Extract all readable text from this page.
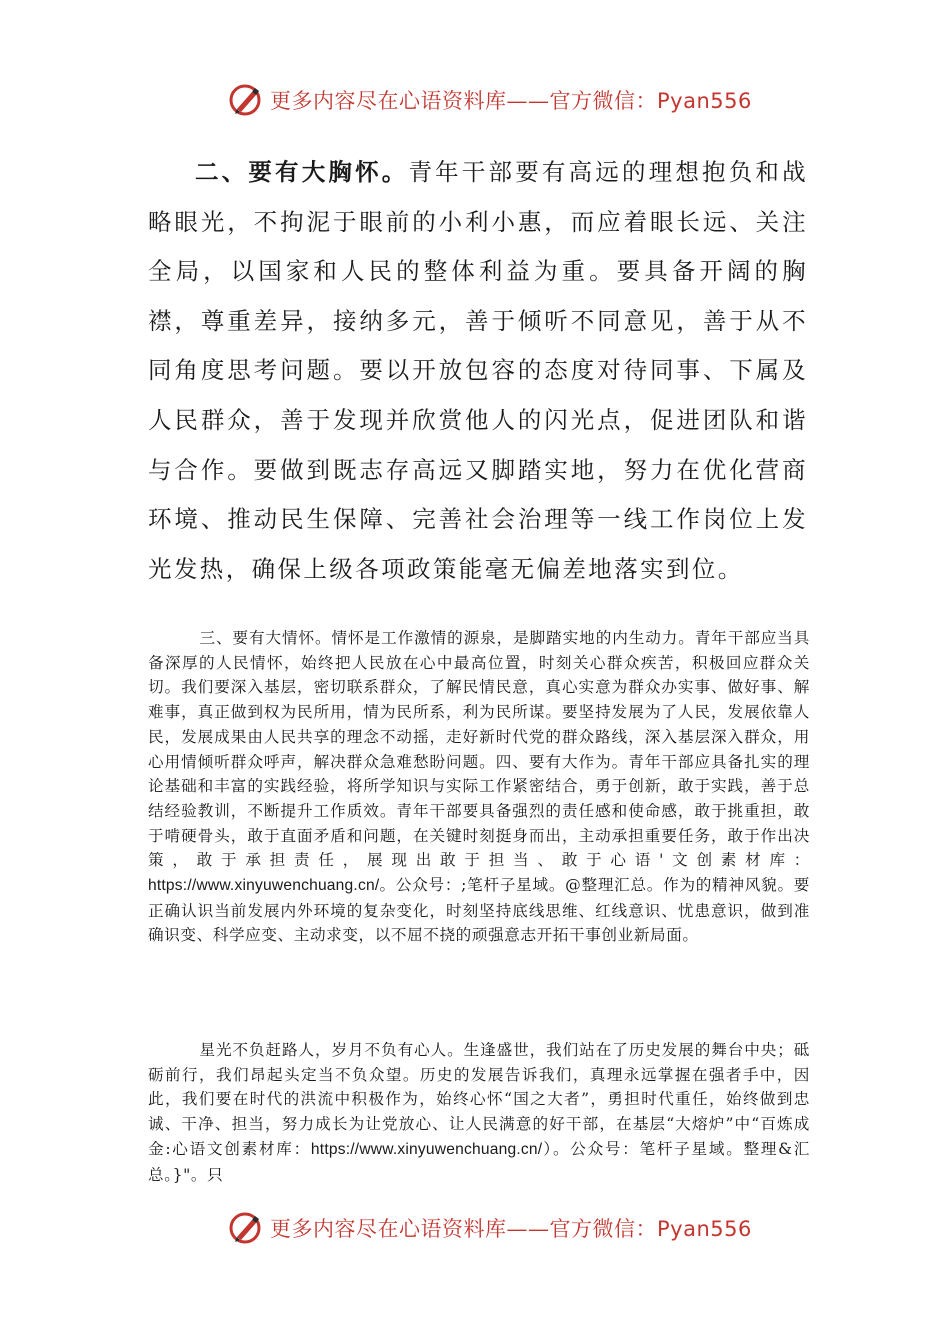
更多内容尽在心语资料库——官方微信：Pyan556

二、要有大胸怀。青年干部要有高远的理想抱负和战略眼光，不拘泥于眼前的小利小惠，而应着眼长远、关注全局，以国家和人民的整体利益为重。要具备开阔的胸襟，尊重差异，接纳多元，善于倾听不同意见，善于从不同角度思考问题。要以开放包容的态度对待同事、下属及人民群众，善于发现并欣赏他人的闪光点，促进团队和谐与合作。要做到既志存高远又脚踏实地，努力在优化营商环境、推动民生保障、完善社会治理等一线工作岗位上发光发热，确保上级各项政策能毫无偏差地落实到位。

三、要有大情怀。情怀是工作激情的源泉，是脚踏实地的内生动力。青年干部应当具备深厚的人民情怀，始终把人民放在心中最高位置，时刻关心群众疾苦，积极回应群众关切。我们要深入基层，密切联系群众，了解民情民意，真心实意为群众办实事、做好事、解难事，真正做到权为民所用，情为民所系，利为民所谋。要坚持发展为了人民，发展依靠人民，发展成果由人民共享的理念不动摇，走好新时代党的群众路线，深入基层深入群众，用心用情倾听群众呼声，解决群众急难愁盼问题。四、要有大作为。青年干部应具备扎实的理论基础和丰富的实践经验，将所学知识与实际工作紧密结合，勇于创新，敢于实践，善于总结经验教训，不断提升工作质效。青年干部要具备强烈的责任感和使命感，敢于挑重担，敢于啃硬骨头，敢于直面矛盾和问题，在关键时刻挺身而出，主动承担重要任务，敢于作出决策，敢于承担责任，展现出敢于担当、敢于心语'文创素材库：https://www.xinyuwenchuang.cn/。公众号：;笔杆子星域。@整理汇总。作为的精神风貌。要正确认识当前发展内外环境的复杂变化，时刻坚持底线思维、红线意识、忧患意识，做到准确识变、科学应变、主动求变，以不屈不挠的顽强意志开拓干事创业新局面。

星光不负赶路人，岁月不负有心人。生逢盛世，我们站在了历史发展的舞台中央；砥砺前行，我们昂起头定当不负众望。历史的发展告诉我们，真理永远掌握在强者手中，因此，我们要在时代的洪流中积极作为，始终心怀“国之大者”，勇担时代重任，始终做到忠诚、干净、担当，努力成长为让党放心、让人民满意的好干部，在基层“大熔炉”中“百炼成金:心语文创素材库：https://www.xinyuwenchuang.cn/）。公众号：笔杆子星域。整理&汇总。}"。只

更多内容尽在心语资料库——官方微信：Pyan556
